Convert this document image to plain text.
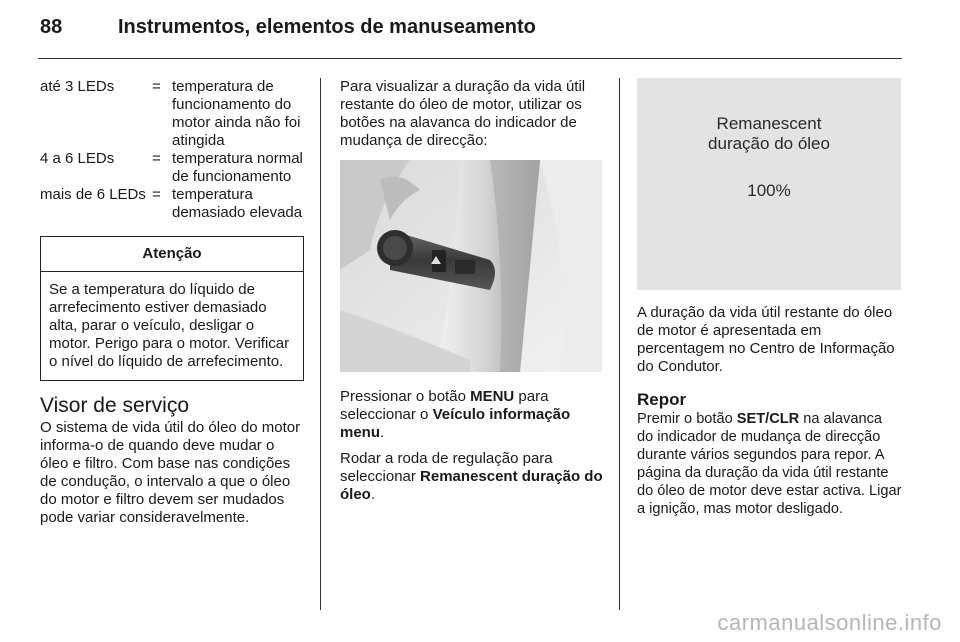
88	Instrumentos, elementos de manuseamento
até 3 LEDs	= temperatura de funcionamento do motor ainda não foi atingida
4 a 6 LEDs	= temperatura normal de funcionamento
mais de 6 LEDs = temperatura demasiado elevada
Atenção
Se a temperatura do líquido de arrefecimento estiver demasiado alta, parar o veículo, desligar o motor. Perigo para o motor. Verificar o nível do líquido de arrefecimento.
Visor de serviço

O sistema de vida útil do óleo do motor informa-o de quando deve mudar o óleo e filtro. Com base nas condições de condução, o intervalo a que o óleo do motor e filtro devem ser mudados pode variar consideravelmente.

Para visualizar a duração da vida útil restante do óleo de motor, utilizar os botões na alavanca do indicador de mudança de direcção:

Pressionar o botão MENU para seleccionar o Veículo informação menu.

Rodar a roda de regulação para seleccionar Remanescent duração do óleo.

Remanescent
duração do óleo
100%

A duração da vida útil restante do óleo de motor é apresentada em percentagem no Centro de Informação do Condutor.

Repor

Premir o botão SET/CLR na alavanca do indicador de mudança de direcção durante vários segundos para repor. A página da duração da vida útil restante do óleo de motor deve estar activa. Ligar a ignição, mas motor desligado.

carmanualsonline.info
